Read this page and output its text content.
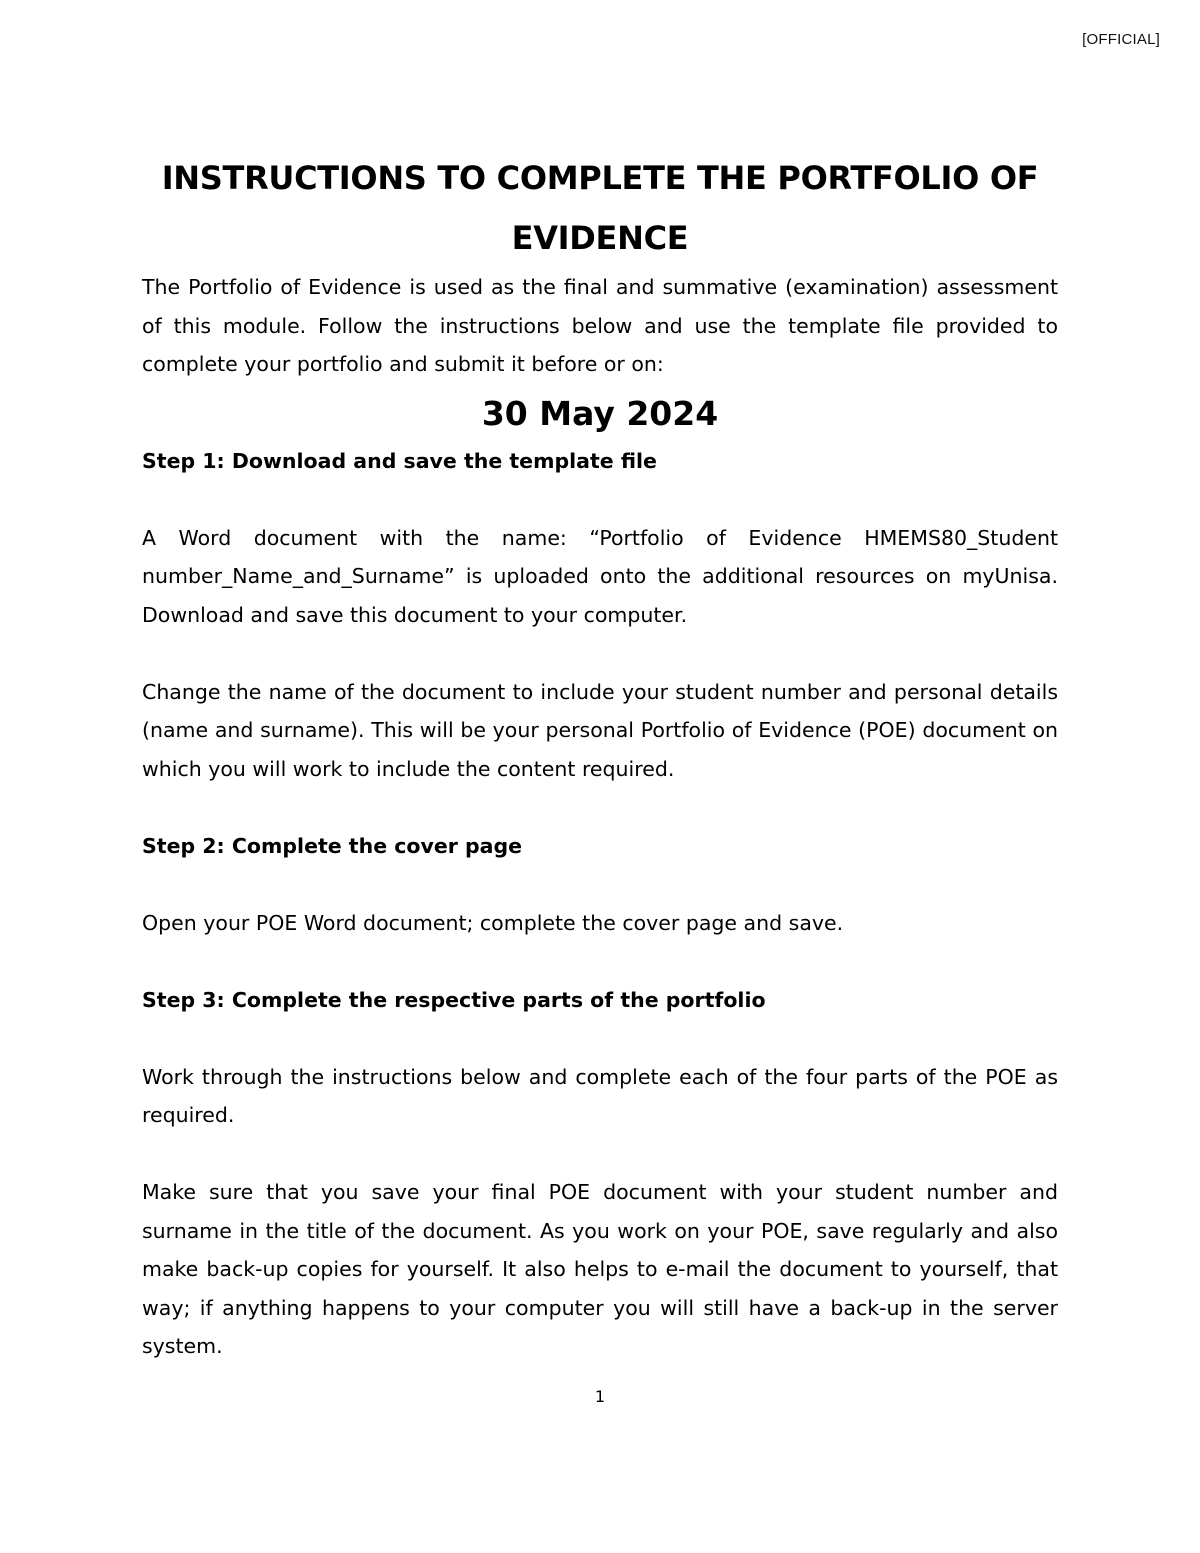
[OFFICIAL]
INSTRUCTIONS TO COMPLETE THE PORTFOLIO OF EVIDENCE

The Portfolio of Evidence is used as the final and summative (examination) assessment of this module. Follow the instructions below and use the template file provided to complete your portfolio and submit it before or on:

30 May 2024

Step 1: Download and save the template file

A Word document with the name: “Portfolio of Evidence HMEMS80_Student number_Name_and_Surname” is uploaded onto the additional resources on myUnisa. Download and save this document to your computer.

Change the name of the document to include your student number and personal details (name and surname). This will be your personal Portfolio of Evidence (POE) document on which you will work to include the content required.

Step 2: Complete the cover page

Open your POE Word document; complete the cover page and save.

Step 3: Complete the respective parts of the portfolio

Work through the instructions below and complete each of the four parts of the POE as required.

Make sure that you save your final POE document with your student number and surname in the title of the document. As you work on your POE, save regularly and also make back-up copies for yourself. It also helps to e-mail the document to yourself, that way; if anything happens to your computer you will still have a back-up in the server system.

1
